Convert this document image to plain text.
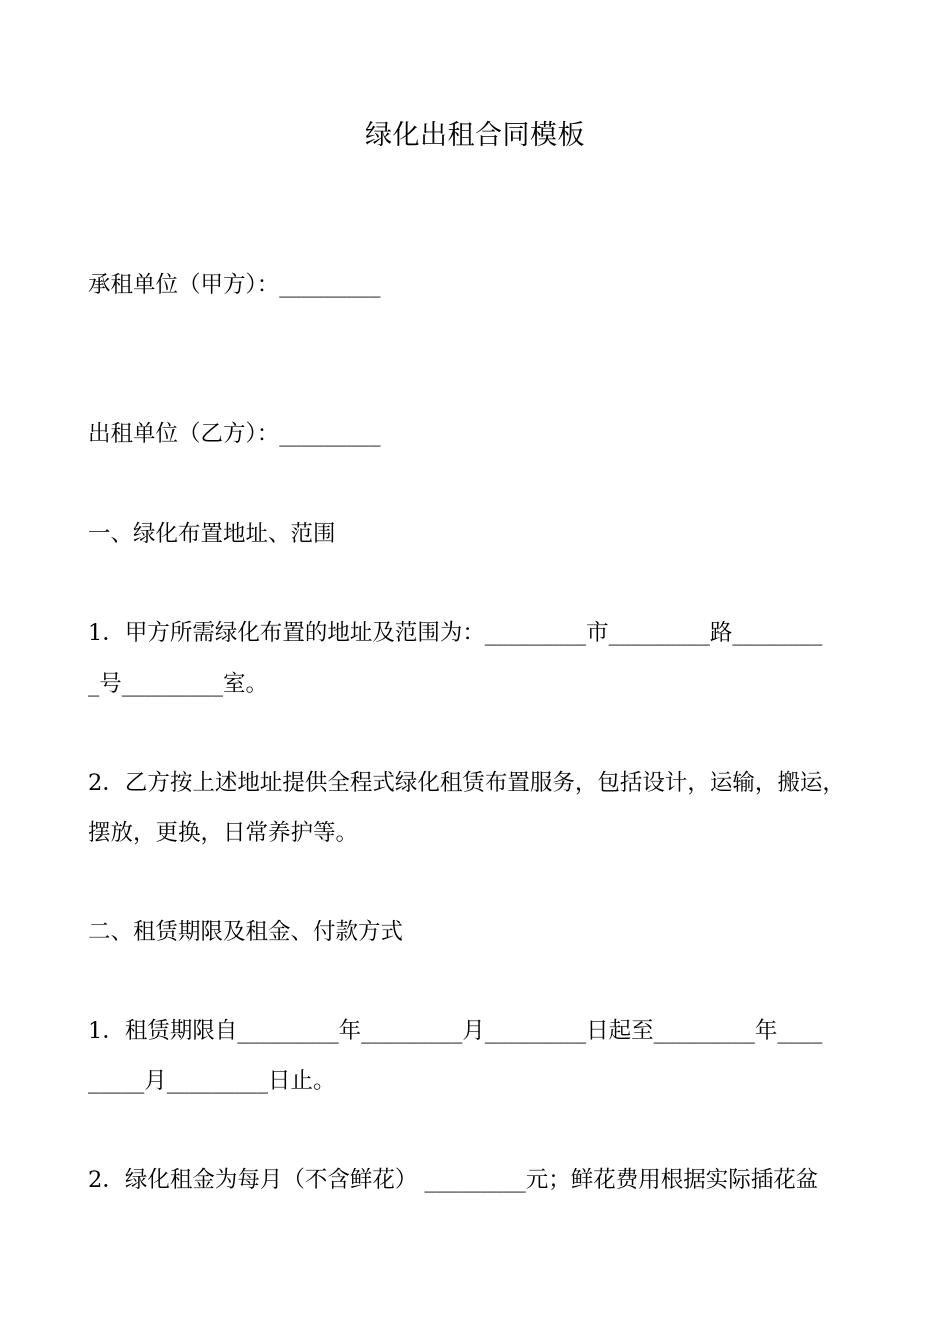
绿化出租合同模板
承租单位（甲方）：_________
出租单位（乙方）：_________
一、绿化布置地址、范围
1．甲方所需绿化布置的地址及范围为：_________市_________路________
_号_________室。
2．乙方按上述地址提供全程式绿化租赁布置服务，包括设计，运输，搬运，
摆放，更换，日常养护等。
二、租赁期限及租金、付款方式
1．租赁期限自_________年_________月_________日起至_________年____
_____月_________日止。
2．绿化租金为每月（不含鲜花） _________元；鲜花费用根据实际插花盆
